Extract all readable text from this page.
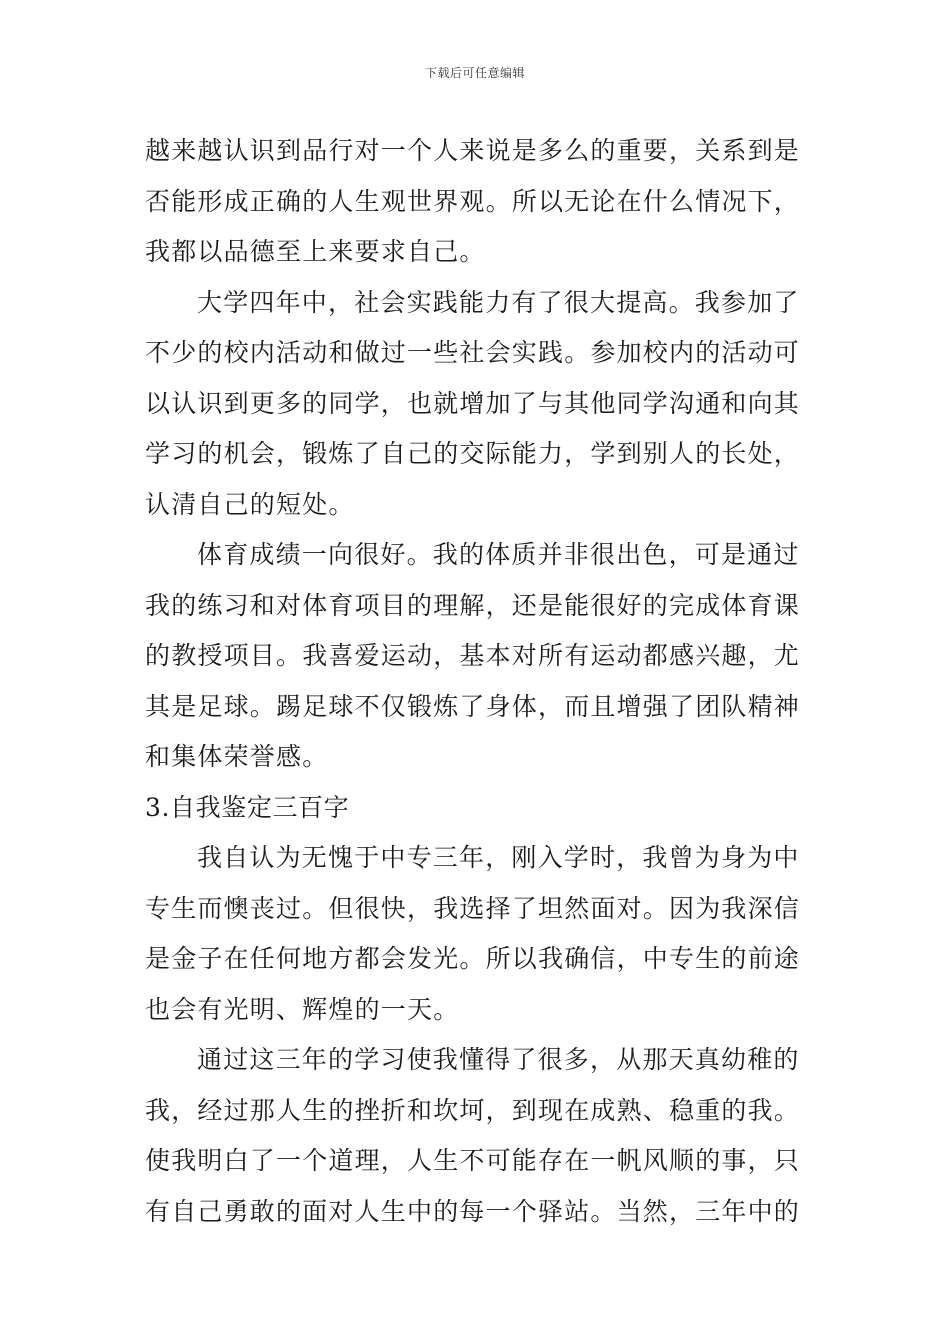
下载后可任意编辑
越来越认识到品行对一个人来说是多么的重要，关系到是
否能形成正确的人生观世界观。所以无论在什么情况下，
我都以品德至上来要求自己。
大学四年中，社会实践能力有了很大提高。我参加了
不少的校内活动和做过一些社会实践。参加校内的活动可
以认识到更多的同学，也就增加了与其他同学沟通和向其
学习的机会，锻炼了自己的交际能力，学到别人的长处，
认清自己的短处。
体育成绩一向很好。我的体质并非很出色，可是通过
我的练习和对体育项目的理解，还是能很好的完成体育课
的教授项目。我喜爱运动，基本对所有运动都感兴趣，尤
其是足球。踢足球不仅锻炼了身体，而且增强了团队精神
和集体荣誉感。
3.自我鉴定三百字
我自认为无愧于中专三年，刚入学时，我曾为身为中
专生而懊丧过。但很快，我选择了坦然面对。因为我深信
是金子在任何地方都会发光。所以我确信，中专生的前途
也会有光明、辉煌的一天。
通过这三年的学习使我懂得了很多，从那天真幼稚的
我，经过那人生的挫折和坎坷，到现在成熟、稳重的我。
使我明白了一个道理，人生不可能存在一帆风顺的事，只
有自己勇敢的面对人生中的每一个驿站。当然，三年中的
